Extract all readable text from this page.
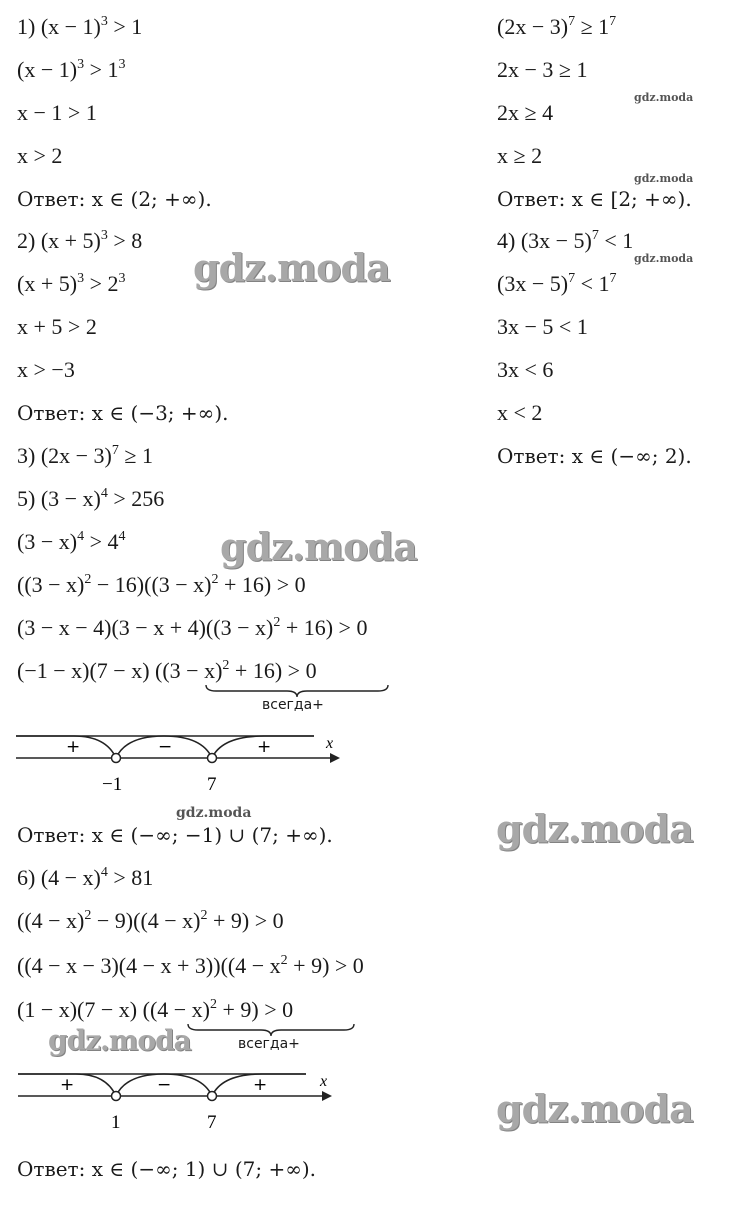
1) $(x - 1)^3 > 1$
$(x - 1)^3 > 1^3$
x − 1 > 1
x > 2
Ответ: x ∈ (2; +∞).
2) $(x + 5)^3 > 8$
$(x + 5)^3 > 2^3$
x + 5 > 2
x > −3
Ответ: x ∈ (−3; +∞).
3) $(2x - 3)^7 \ge 1$
$(2x - 3)^7 \ge 1^7$
2x − 3 ≥ 1
2x ≥ 4
x ≥ 2
Ответ: x ∈ [2; +∞).
4) $(3x - 5)^7 < 1$
$(3x - 5)^7 < 1^7$
3x − 5 < 1
3x < 6
x < 2
Ответ: x ∈ (−∞; 2).
5) $(3 - x)^4 > 256$
$(3 - x)^4 > 4^4$
$((3 - x)^2 - 16)((3 - x)^2 + 16) > 0$
$(3 - x - 4)(3 - x + 4)((3 - x)^2 + 16) > 0$
(−1 − x)(7 − x) $((3 - x)^2 + 16) > 0$
всегда+
+	−	+	x
−1	7
Ответ: x ∈ (−∞; −1) ∪ (7; +∞).
6) $(4 - x)^4 > 81$
$((4 - x)^2 - 9)((4 - x)^2 + 9) > 0$
$((4 - x - 3)(4 - x + 3))((4 - x^2 + 9) > 0$
(1 − x)(7 − x) $((4 - x)^2 + 9) > 0$
всегда+
+	−	+	x
1	7
Ответ: x ∈ (−∞; 1) ∪ (7; +∞).
gdz.moda
gdz.moda
gdz.moda
gdz.moda
gdz.moda
gdz.moda
gdz.moda
gdz.moda
gdz.moda
